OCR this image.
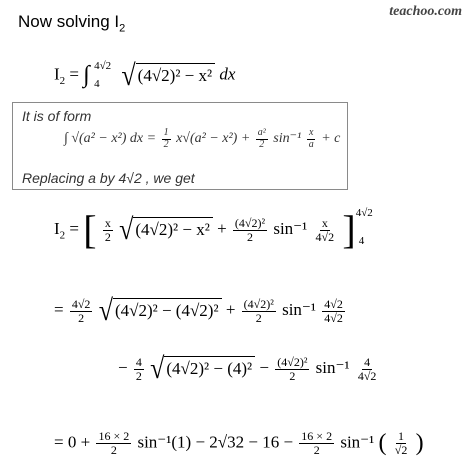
teachoo.com
Now solving $I_2$
$I_2$ = ∫ 4√2
4
√ (4√2)² − x² dx
It is of form
∫ √(a² − x²) dx = $\frac{1}{2} x√(a^2 - x^2) + \frac{\text{a²}}{2} \sin^{-1} \frac{x}{a} + c$
Replacing a by 4√2 , we get
$I_2$ = [ $\frac{x}{2}$
√ $(4√2)^2 - x^2 + \frac{\text{(4√2)²}}{2} \sin^{-1} \frac{x}{4√2} ]^{4√2}_4$
= $\frac{4√2}{2}$
√ $(4√2)^2 - (4√2)^2 + \frac{\text{(4√2)²}}{2} \sin^{-1} \frac{4√2}{4√2}$
− $\frac{4}{2}$
√ $(4√2)^2 - (4)^2 - \frac{\text{(4√2)²}}{2} \sin^{-1} \frac{4}{4√2}$
= $0 + \frac{16 \times 2}{2} \sin^{-1}(1) - 2√32 - 16 - \frac{16 \times 2}{2} \sin^{-1}$ ( $\frac{1}{√2}$ )
